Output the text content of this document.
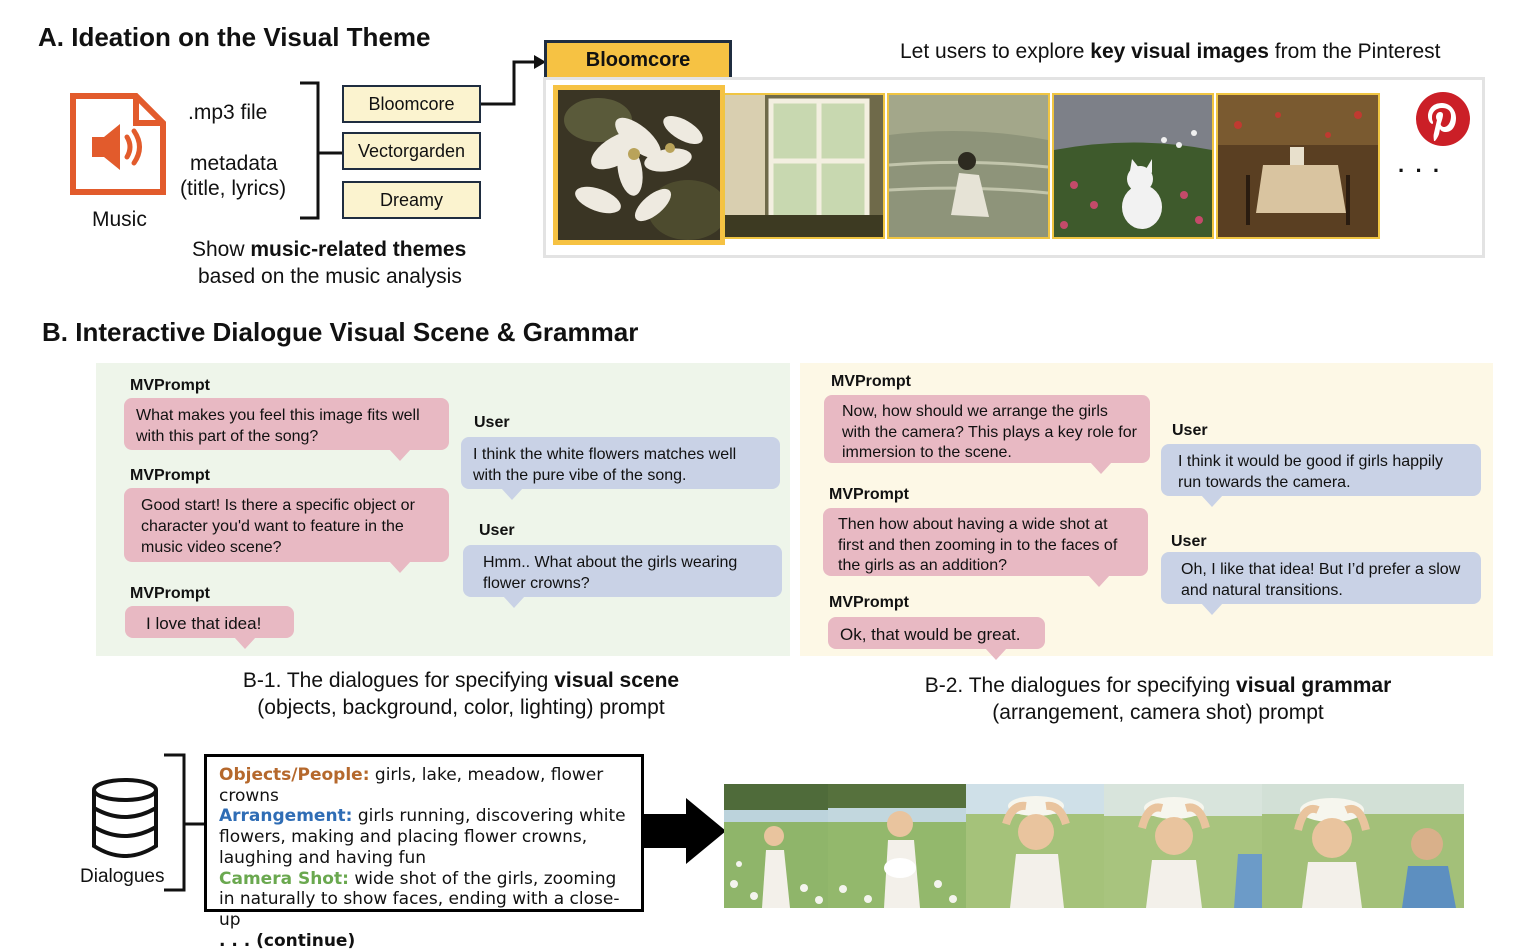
A. Ideation on the Visual Theme
Music
.mp3 file
metadata
(title, lyrics)
Bloomcore
Vectorgarden
Dreamy
Show music-related themes
based on the music analysis
Bloomcore	Let users to explore key visual images from the Pinterest
· · ·
B. Interactive Dialogue Visual Scene & Grammar
MVPrompt
What makes you feel this image fits well with this part of the song?
User
I think the white flowers matches well with the pure vibe of the song.
MVPrompt
Good start! Is there a specific object or character you'd want to feature in the music video scene?
User
Hmm.. What about the girls wearing flower crowns?
MVPrompt
I love that idea!
B-1. The dialogues for specifying visual scene
(objects, background, color, lighting) prompt
MVPrompt
Now, how should we arrange the girls with the camera? This plays a key role for immersion to the scene.
User
I think it would be good if girls happily run towards the camera.
MVPrompt
Then how about having a wide shot at first and then zooming in to the faces of the girls as an addition?
User
Oh, I like that idea! But I’d prefer a slow and natural transitions.
MVPrompt
Ok, that would be great.
B-2. The dialogues for specifying visual grammar
(arrangement, camera shot) prompt
Dialogues
Objects/People: girls, lake, meadow, flower crowns
Arrangement: girls running, discovering white flowers, making and placing flower crowns, laughing and having fun
Camera Shot: wide shot of the girls, zooming in naturally to show faces, ending with a close-up
. . . (continue)
